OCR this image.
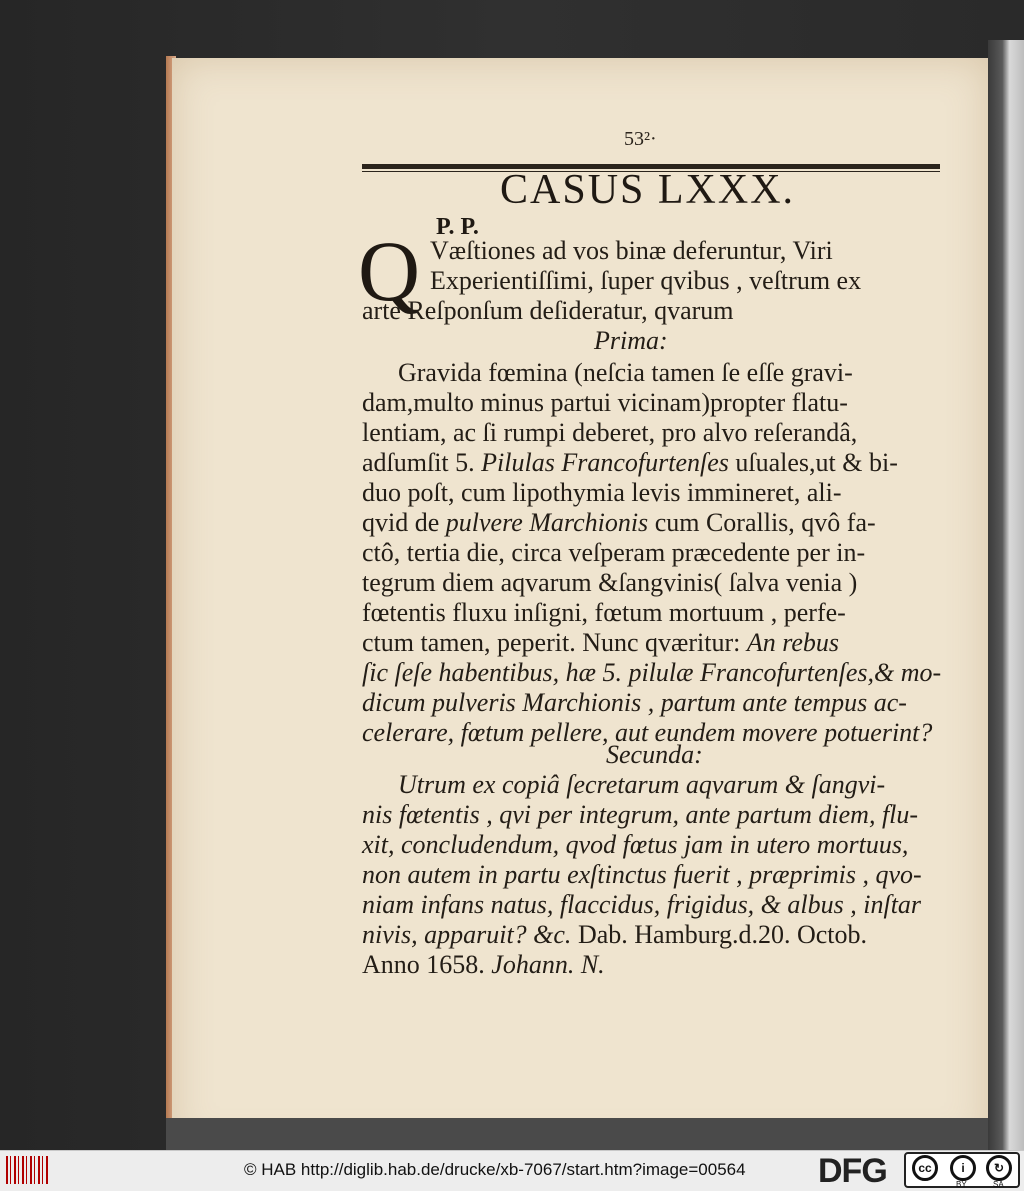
53²·
CASUS LXXX.
P. P.
Q Væſtiones ad vos binæ deferuntur, Viri
Experientiſſimi, ſuper qvibus , veſtrum ex
arte Reſponſum deſideratur, qvarum
Prima:
Gravida fœmina (neſcia tamen ſe eſſe gravi-
dam,multo minus partui vicinam)propter flatu-
lentiam, ac ſi rumpi deberet, pro alvo reſerandâ,
adſumſit 5. Pilulas Francofurtenſes uſuales,ut & bi-
duo poſt, cum lipothymia levis immineret, ali-
qvid de pulvere Marchionis cum Corallis, qvô fa-
ctô, tertia die, circa veſperam præcedente per in-
tegrum diem aqvarum &ſangvinis( ſalva venia )
fœtentis fluxu inſigni, fœtum mortuum , perfe-
ctum tamen, peperit. Nunc qværitur: An rebus
ſic ſeſe habentibus, hæ 5. pilulæ Francofurtenſes,& mo-
dicum pulveris Marchionis , partum ante tempus ac-
celerare, fœtum pellere, aut eundem movere potuerint?
Secunda:
Utrum ex copiâ ſecretarum aqvarum & ſangvi-
nis fœtentis , qvi per integrum, ante partum diem, flu-
xit, concludendum, qvod fœtus jam in utero mortuus,
non autem in partu exſtinctus fuerit , præprimis , qvo-
niam infans natus, flaccidus, frigidus, & albus , inſtar
nivis, apparuit? &c. Dab. Hamburg.d.20. Octob.
Anno 1658. Johann. N.
© HAB http://diglib.hab.de/drucke/xb-7067/start.htm?image=00564 DFG	cc	i	↻
BY	SA
